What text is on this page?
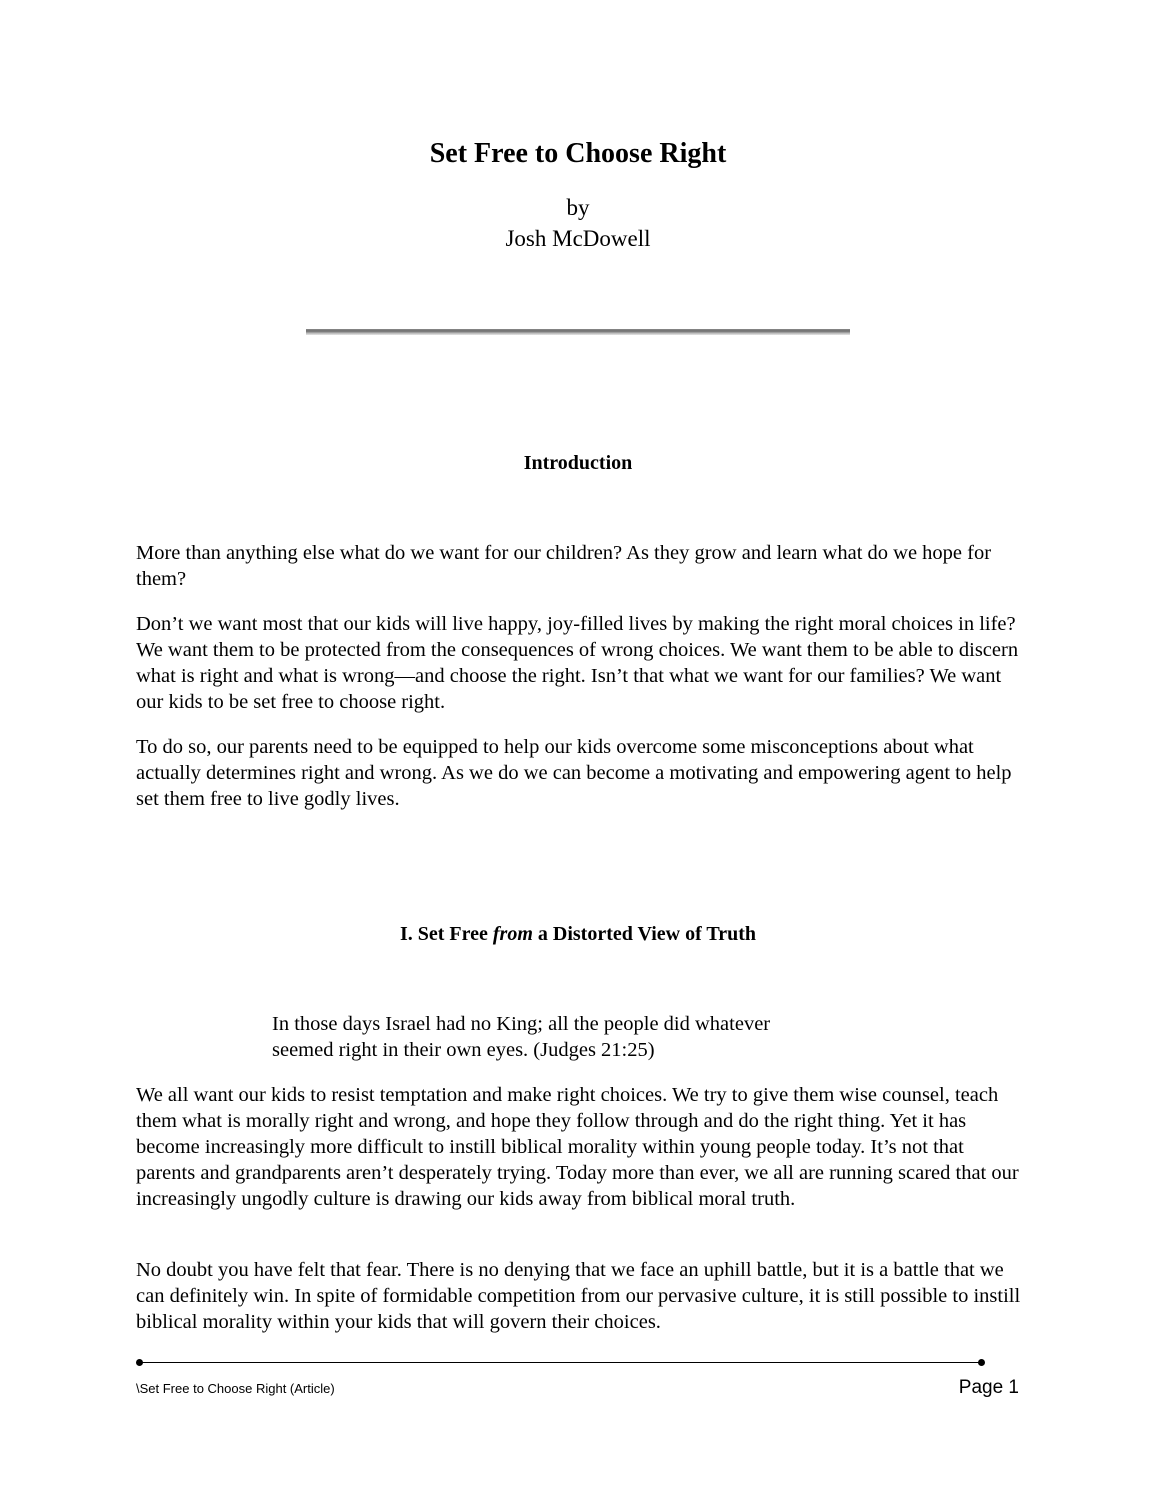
Set Free to Choose Right
by
Josh McDowell
Introduction

More than anything else what do we want for our children? As they grow and learn what do we hope for them?

Don’t we want most that our kids will live happy, joy-filled lives by making the right moral choices in life? We want them to be protected from the consequences of wrong choices. We want them to be able to discern what is right and what is wrong—and choose the right. Isn’t that what we want for our families? We want our kids to be set free to choose right.

To do so, our parents need to be equipped to help our kids overcome some misconceptions about what actually determines right and wrong. As we do we can become a motivating and empowering agent to help set them free to live godly lives.

I. Set Free from a Distorted View of Truth

In those days Israel had no King; all the people did whatever seemed right in their own eyes. (Judges 21:25)

We all want our kids to resist temptation and make right choices. We try to give them wise counsel, teach them what is morally right and wrong, and hope they follow through and do the right thing. Yet it has become increasingly more difficult to instill biblical morality within young people today. It’s not that parents and grandparents aren’t desperately trying. Today more than ever, we all are running scared that our increasingly ungodly culture is drawing our kids away from biblical moral truth.

No doubt you have felt that fear. There is no denying that we face an uphill battle, but it is a battle that we can definitely win. In spite of formidable competition from our pervasive culture, it is still possible to instill biblical morality within your kids that will govern their choices.

\Set Free to Choose Right (Article)	Page 1
